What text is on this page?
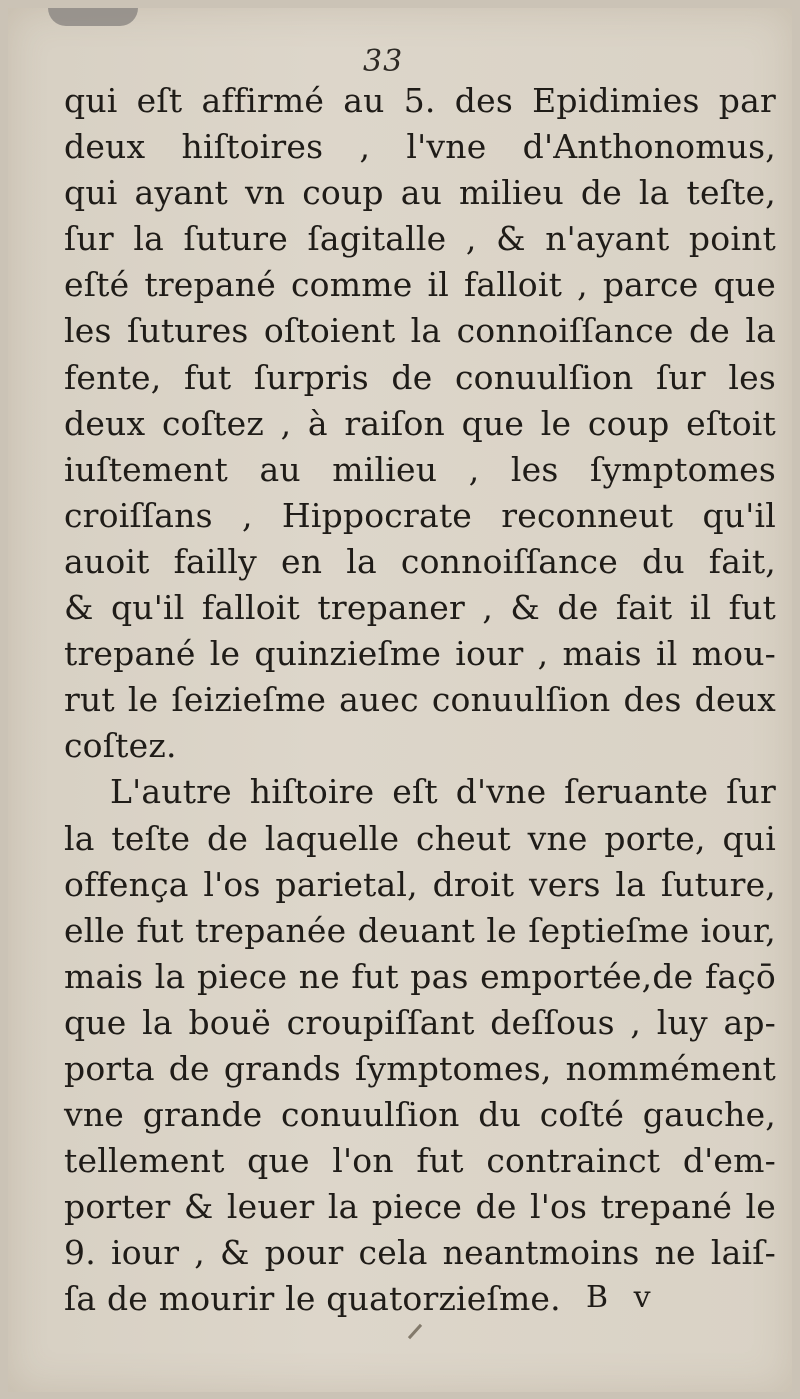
33
qui eſt affirmé au 5. des Epidimies par
deux hiſtoires , l'vne d'Anthonomus,
qui ayant vn coup au milieu de la teſte,
ſur la ſuture ſagitalle , & n'ayant point
eſté trepané comme il falloit , parce que
les ſutures oſtoient la connoiſſance de la
fente, fut ſurpris de conuulſion ſur les
deux coſtez , à raiſon que le coup eſtoit
iuſtement au milieu , les ſymptomes
croiſſans , Hippocrate reconneut qu'il
auoit failly en la connoiſſance du fait,
& qu'il falloit trepaner , & de fait il fut
trepané le quinzieſme iour , mais il mou-
rut le ſeizieſme auec conuulſion des deux
coſtez.
L'autre hiſtoire eſt d'vne ſeruante ſur
la teſte de laquelle cheut vne porte, qui
offença l'os parietal, droit vers la ſuture,
elle fut trepanée deuant le ſeptieſme iour,
mais la piece ne fut pas emportée,de façō
que la bouë croupiſſant deſſous , luy ap-
porta de grands ſymptomes, nommément
vne grande conuulſion du coſté gauche,
tellement que l'on fut contrainct d'em-
porter & leuer la piece de l'os trepané le
9. iour , & pour cela neantmoins ne laiſ-
ſa de mourir le quatorzieſme. B v
